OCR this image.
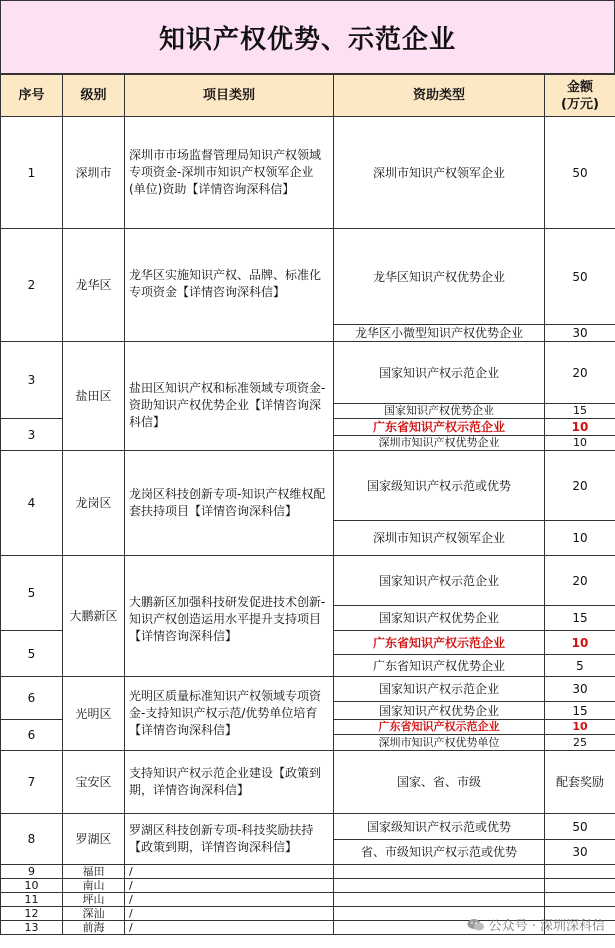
知识产权优势、示范企业
序号	级别	项目类别	资助类型	金额
(万元)
1	深圳市	深圳市市场监督管理局知识产权领域专项资金-深圳市知识产权领军企业(单位)资助【详情咨询深科信】	深圳市知识产权领军企业	50
2	龙华区	龙华区实施知识产权、品牌、标准化专项资金【详情咨询深科信】	龙华区知识产权优势企业	50
			龙华区小微型知识产权优势企业	30
3	盐田区	盐田区知识产权和标准领域专项资金-资助知识产权优势企业【详情咨询深科信】	国家知识产权示范企业	20
			国家知识产权优势企业	15
3			广东省知识产权示范企业	10
			深圳市知识产权优势企业	10
4	龙岗区	龙岗区科技创新专项-知识产权维权配套扶持项目【详情咨询深科信】	国家级知识产权示范或优势	20
			深圳市知识产权领军企业	10
5	大鹏新区	大鹏新区加强科技研发促进技术创新-知识产权创造运用水平提升支持项目【详情咨询深科信】	国家知识产权示范企业	20
			国家知识产权优势企业	15
5			广东省知识产权示范企业	10
			广东省知识产权优势企业	5
6	光明区	光明区质量标准知识产权领域专项资金-支持知识产权示范/优势单位培育【详情咨询深科信】	国家知识产权示范企业	30
			国家知识产权优势企业	15
6			广东省知识产权示范企业	10
			深圳市知识产权优势单位	25
7	宝安区	支持知识产权示范企业建设【政策到期，详情咨询深科信】	国家、省、市级	配套奖励
8	罗湖区	罗湖区科技创新专项-科技奖励扶持【政策到期，详情咨询深科信】	国家级知识产权示范或优势	50
			省、市级知识产权示范或优势	30
9	福田	/		
10	南山	/		
11	坪山	/		
12	深汕	/		
13	前海	/			公众号 · 深圳深科信
